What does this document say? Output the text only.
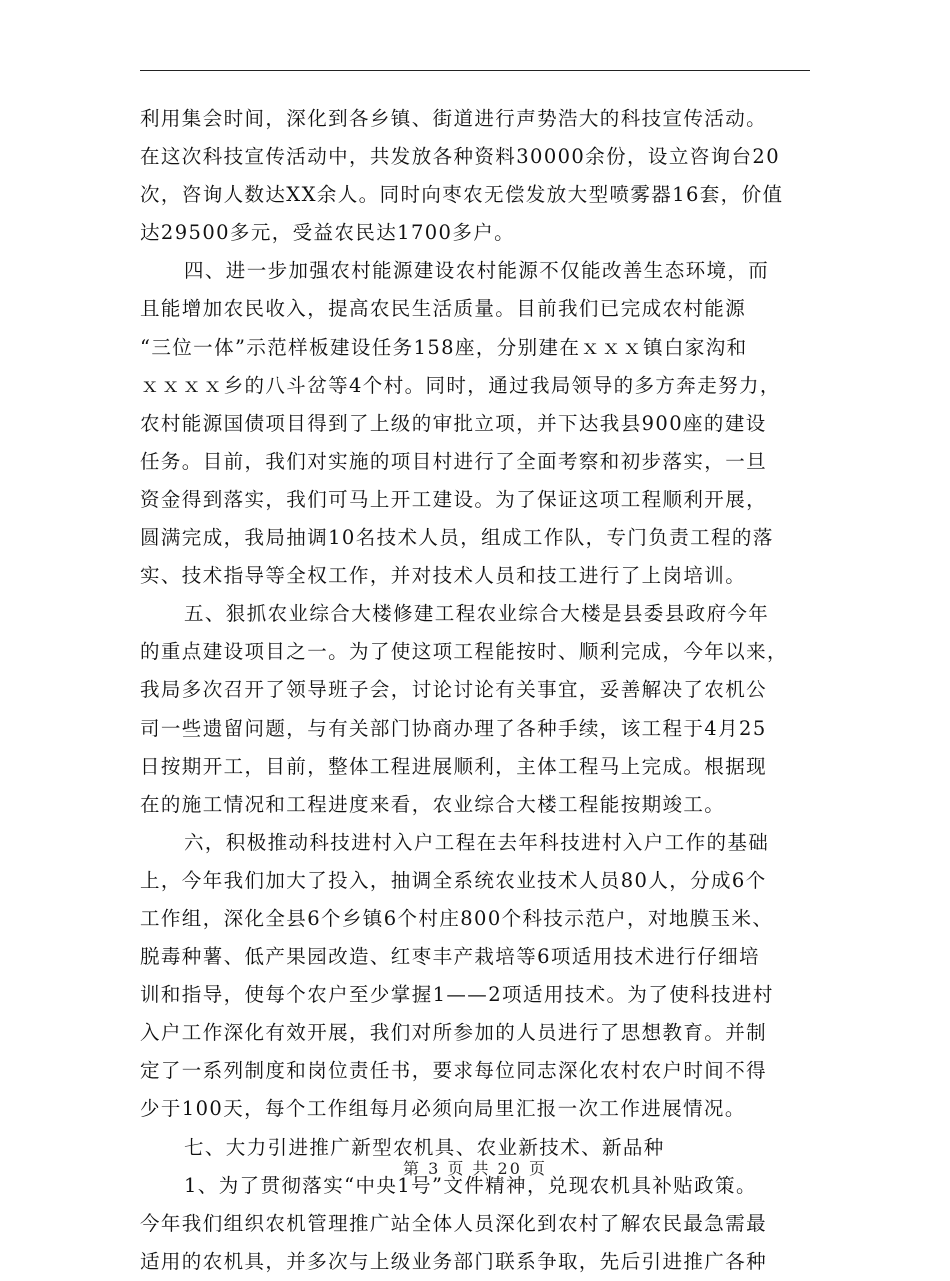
利用集会时间，深化到各乡镇、街道进行声势浩大的科技宣传活动。
在这次科技宣传活动中，共发放各种资料30000余份，设立咨询台20
次，咨询人数达XX余人。同时向枣农无偿发放大型喷雾器16套，价值
达29500多元，受益农民达1700多户。
四、进一步加强农村能源建设农村能源不仅能改善生态环境，而
且能增加农民收入，提高农民生活质量。目前我们已完成农村能源
“三位一体”示范样板建设任务158座，分别建在ｘｘｘ镇白家沟和
ｘｘｘｘ乡的八斗岔等4个村。同时，通过我局领导的多方奔走努力，
农村能源国债项目得到了上级的审批立项，并下达我县900座的建设
任务。目前，我们对实施的项目村进行了全面考察和初步落实，一旦
资金得到落实，我们可马上开工建设。为了保证这项工程顺利开展，
圆满完成，我局抽调10名技术人员，组成工作队，专门负责工程的落
实、技术指导等全权工作，并对技术人员和技工进行了上岗培训。
五、狠抓农业综合大楼修建工程农业综合大楼是县委县政府今年
的重点建设项目之一。为了使这项工程能按时、顺利完成，今年以来，
我局多次召开了领导班子会，讨论讨论有关事宜，妥善解决了农机公
司一些遗留问题，与有关部门协商办理了各种手续，该工程于4月25
日按期开工，目前，整体工程进展顺利，主体工程马上完成。根据现
在的施工情况和工程进度来看，农业综合大楼工程能按期竣工。
六，积极推动科技进村入户工程在去年科技进村入户工作的基础
上，今年我们加大了投入，抽调全系统农业技术人员80人，分成6个
工作组，深化全县6个乡镇6个村庄800个科技示范户，对地膜玉米、
脱毒种薯、低产果园改造、红枣丰产栽培等6项适用技术进行仔细培
训和指导，使每个农户至少掌握1——2项适用技术。为了使科技进村
入户工作深化有效开展，我们对所参加的人员进行了思想教育。并制
定了一系列制度和岗位责任书，要求每位同志深化农村农户时间不得
少于100天，每个工作组每月必须向局里汇报一次工作进展情况。
七、大力引进推广新型农机具、农业新技术、新品种
1、为了贯彻落实“中央1号”文件精神，兑现农机具补贴政策。
今年我们组织农机管理推广站全体人员深化到农村了解农民最急需最
适用的农机具，并多次与上级业务部门联系争取，先后引进推广各种
第 3 页 共 20 页
